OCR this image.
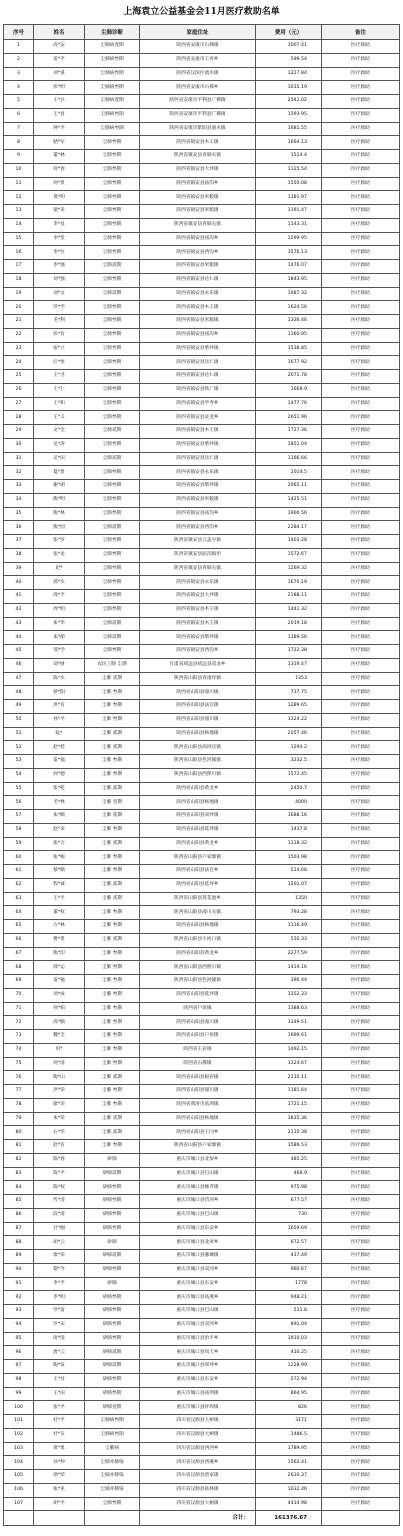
上海袁立公益基金会11月医疗救助名单
序号	姓名	尘肺诊断	家庭住址	费用（元）	备注
1	高*安	尘肺病壹期	陕西省安康市石梯镇	1007.41	医疗救助
2	雷*平	尘肺病叁期	陕西省安康市王亮乡	599.54	医疗救助
3	刘*谋	尘肺病叁期	陕西省汉滨区流水镇	1217.84	医疗救助
4	彭*明	尘肺病叁期	陕西省安康市石梯乡	1035.19	医疗救助
5	王*兵	尘肺病壹期	陕西省安康市平利县广佛镇	2541.02	医疗救助
6	王*喜	尘肺病叁期	陕西省安康市平利县广佛镇	1593.95	医疗救助
7	钟*平	尘肺病叁期	陕西省安康市紫阳县洄水镇	1681.55	医疗救助
8	储*军	尘肺叁期	陕西省镇安县木王镇	1664.13	医疗救助
9	董*林	尘肺叁期	陕西省镇安县青铜关镇	1514.4	医疗救助
10	何*春	尘肺叁期	陕西省镇安县大坪镇	1125.54	医疗救助
11	何*贵	尘肺叁期	陕西省镇安县庙沟乡	1550.08	医疗救助
12	黄*明	尘肺叁期	陕西省镇安县米粮镇	1181.97	医疗救助
13	梁*来	尘肺叁期	陕西省镇安县米粮镇	1191.47	医疗救助
14	李*良	尘肺叁期	陕西省镇安县青铜关镇	1143.31	医疗救助
15	李*堂	尘肺叁期	陕西省镇安县庙沟乡	1599.95	医疗救助
16	李*位	尘肺叁期	陕西省镇安县西沟乡	3576.13	医疗救助
17	李*强	尘肺贰期	陕西省镇安县米粮镇	1476.07	医疗救助
18	刘*强	尘肺叁期	陕西省镇安县达仁镇	1843.95	医疗救助
19	刘*文	尘肺贰期	陕西省镇安县永乐镇	1087.32	医疗救助
20	罗*学	尘肺叁期	陕西省镇安县木王镇	1624.56	医疗救助
21	毛*利	尘肺叁期	陕西省镇安县米粮镇	1336.46	医疗救助
22	彭*有	尘肺叁期	陕西省镇安县庙沟乡	1360.95	医疗救助
23	宿*立	尘肺叁期	陕西省镇安县柴坪镇	1538.85	医疗救助
24	汪*恒	尘肺叁期	陕西省镇安县达仁镇	1677.92	医疗救助
25	王*卫	尘肺叁期	陕西省镇安县达仁镇	2071.78	医疗救助
26	王*仁	尘肺叁期	陕西省镇安县铁厂镇	1668.9	医疗救助
27	王*和	尘肺叁期	陕西省镇安县学寿乡	1477.76	医疗救助
28	王*义	尘肺叁期	陕西省镇安县灵龙乡	2651.96	医疗救助
29	文*全	尘肺贰期	陕西省镇安县木王镇	1727.36	医疗救助
30	吴*涛	尘肺叁期	陕西省镇安县柴坪镇	1851.04	医疗救助
31	吴*田	尘肺贰期	陕西省镇安县达仁镇	1166.66	医疗救助
32	夏*贵	尘肺叁期	陕西省镇安县永乐镇	2014.5	医疗救助
33	谢*朗	尘肺叁期	陕西省镇安县柴坪镇	2065.11	医疗救助
34	熊*明	尘肺叁期	陕西省镇安县米粮镇	1425.51	医疗救助
35	熊*林	尘肺叁期	陕西省镇安县庙沟乡	1900.56	医疗救助
36	熊*园	尘肺贰期	陕西省镇安县西沟乡	2284.17	医疗救助
37	张*罗	尘肺叁期	陕西省镇安县云盖寺镇	1403.28	医疗救助
38	张*龙	尘肺叁期	陕西省镇安县庙沟镇坦	1572.67	医疗救助
39	赵*	尘肺叁期	陕西省镇安县青铜关镇	1269.32	医疗救助
40	郑*水	尘肺叁期	陕西省镇安县永乐镇	1670.19	医疗救助
41	周*平	尘肺叁期	陕西省镇安县大坪镇	2188.11	医疗救助
42	周*明	尘肺叁期	陕西省镇安县木王镇	1441.32	医疗救助
43	朱*华	尘肺贰期	陕西省镇安县木王镇	2019.18	医疗救助
44	朱*節	尘肺贰期	陕西省镇安县柴坪镇	1189.56	医疗救助
45	邹*学	尘肺叁期	陕西省镇安县西沟乡	1722.38	医疗救助
46	刘*财	农民工肺 尘期	甘肃省靖远县靖远县双龙乡	1319.47	医疗救助
47	陈*水	尘肺 贰期	陕西省山阳县青滚坪镇	1353	医疗救助
48	蔡*阳	尘肺 叁期	陕西省山阳县漫川镇	737.75	医疗救助
49	洪*有	尘肺 叁期	陕西省山阳县法官镇	1289.65	医疗救助
50	孙*平	尘肺 叁期	陕西省山阳县漫川镇	1324.22	医疗救助
51	阮*	尘肺 贰期	陕西省山阳县杨地镇	2057.46	医疗救助
52	赵*桂	尘肺 贰期	陕西省山阳县高坝店镇	1294.2	医疗救助
53	雷*福	尘肺 叁期	陕西省山阳县色河铺镇	3232.5	医疗救助
54	何*德	尘肺 叁期	陕西省山阳县西照川镇	1572.45	医疗救助
55	张*乾	尘肺 贰期	陕西省山阳县黄龙乡	2450.7	医疗救助
56	毛*林	尘肺 壹期	陕西省山阳县杨地镇	4000	医疗救助
57	朱*顺	尘肺 贰期	陕西省山阳县双坪镇	1688.16	医疗救助
58	赵*来	尘肺 叁期	陕西省山阳县延坪镇	1437.8	医疗救助
59	张*合	尘肺 贰期	陕西省山阳县黄龙乡	1318.32	医疗救助
60	张*根	尘肺 叁期	陕西省山阳县户家塬镇	1503.98	医疗救助
61	蔡*顺	尘肺 叁期	陕西省山阳县法官乡	514.68	医疗救助
62	程*诚	尘肺 贰期	陕西省山阳县延坪乡	1201.07	医疗救助
63	王*平	尘肺 贰期	陕西省山阳县莲花池乡	1350	医疗救助
64	董*权	尘肺 叁期	陕西省山阳县漫川关镇	793.28	医疗救助
65	方*林	尘肺 叁期	陕西省山阳县杨地镇	1116.49	医疗救助
66	曹*贵	尘肺 贰期	陕西省山阳县小河口镇	550.33	医疗救助
67	熊*印	尘肺 叁期	陕西省山阳县黄龙乡	2277.59	医疗救助
68	郭*运	尘肺 叁期	陕西省山阳县西照川镇	1419.16	医疗救助
69	雷*福	尘肺 叁期	陕西省山阳县色河铺镇	390.44	医疗救助
70	刘*成	尘肺 叁期	陕西省山阳县延坪镇	1352.33	医疗救助
71	何*柏	尘肺 叁期	陕西省户垣镇	1388.63	医疗救助
72	高*顺	尘肺 叁期	陕西省山阳县漫川镇	1349.51	医疗救助
73	魏*全	尘肺 叁期	陕西省山阳县户垣镇	1699.61	医疗救助
74	巩*	尘肺 叁期	陕西省王岩镇	1492.15	医疗救助
75	何*清	尘肺 叁期	陕西省石佛镇	1324.67	医疗救助
76	陶*山	尘肺 贰期	陕西省山阳县板岩镇	2110.11	医疗救助
77	洪*荣	尘肺 叁期	陕西省山阳县漫川镇	1181.64	医疗救助
78	廖*荣	尘肺 叁期	陕西省商洛市高坝镇	1721.15	医疗救助
79	朱*荣	尘肺 贰期	陕西省山阳县杨地镇	1835.36	医疗救助
80	石*华	尘肺 贰期	陕西省山阳县王闫乡	2110.38	医疗救助
81	赵*有	尘肺 叁期	陕西省山阳县户家塬镇	1589.53	医疗救助
82	陈*春	矽肺	重庆市城口县北屏乡	485.25	医疗救助
83	陈*平	矽肺贰期	重庆市城口县巴山镇	468.9	医疗救助
84	陈*权	矽肺叁期	重庆市城口县修齐镇	975.98	医疗救助
85	代*清	矽肺叁期	重庆市城口县岱河乡	677.57	医疗救助
86	段*清	矽肺叁期	重庆市城口县巴山镇	730	医疗救助
87	甘*刚	矽肺叁期	重庆市城口县东安乡	1659.69	医疗救助
88	胡*云	矽肺	重庆市城口县北屏乡	672.57	医疗救助
89	康*荣	矽肺贰期	重庆市城口县蓼城镇	437.49	医疗救助
90	黎*今	矽肺叁期	重庆市城口县双河乡	960.67	医疗救助
91	李*平	矽肺	重庆市城口县东安乡	1778	医疗救助
92	李*明	矽肺叁期	重庆市城口县高燕乡	948.21	医疗救助
93	罗*富	矽肺叁期	重庆市城口县巴山镇	531.8	医疗救助
94	罗*宋	矽肺叁期	重庆市城口县双河乡	891.04	医疗救助
95	庞*清	矽肺叁期	重庆市城口县治平乡	1910.03	医疗救助
96	唐*云	矽肺贰期	重庆市城口县岚天乡	410.25	医疗救助
97	陶*发	矽肺贰期	重庆市城口县厚坪乡	1228.99	医疗救助
98	王*付	矽肺叁期	重庆市城口县东安乡	572.94	医疗救助
99	王*田	矽肺叁期	重庆市城口县庙坝镇	864.95	医疗救助
100	张*平	矽肺壹期	重庆市城口县坪坝镇	826	医疗救助
101	杜*平	尘肺病叁期	四川省汉源县大树镇	3171	医疗救助
102	杜*友	尘肺病叁期	四川省汉源县大树镇	1486.5	医疗救助
103	黄*勇	尘肺病	四川省汉源县西西乡	1789.95	医疗救助
104	孙*仲	尘肺并肺染	四川省汉源县西溪乡	1562.41	医疗救助
105	徐*荣	尘肺并肺染	四川省汉源县唐家镇	2610.37	医疗救助
106	张*见	尘肺并肺染	四川省汉源县富林镇	1032.46	医疗救助
107	胡*平	尘肺叁期	四川省汉源县大树镇	4414.98	医疗救助
			合计：	161376.67	
